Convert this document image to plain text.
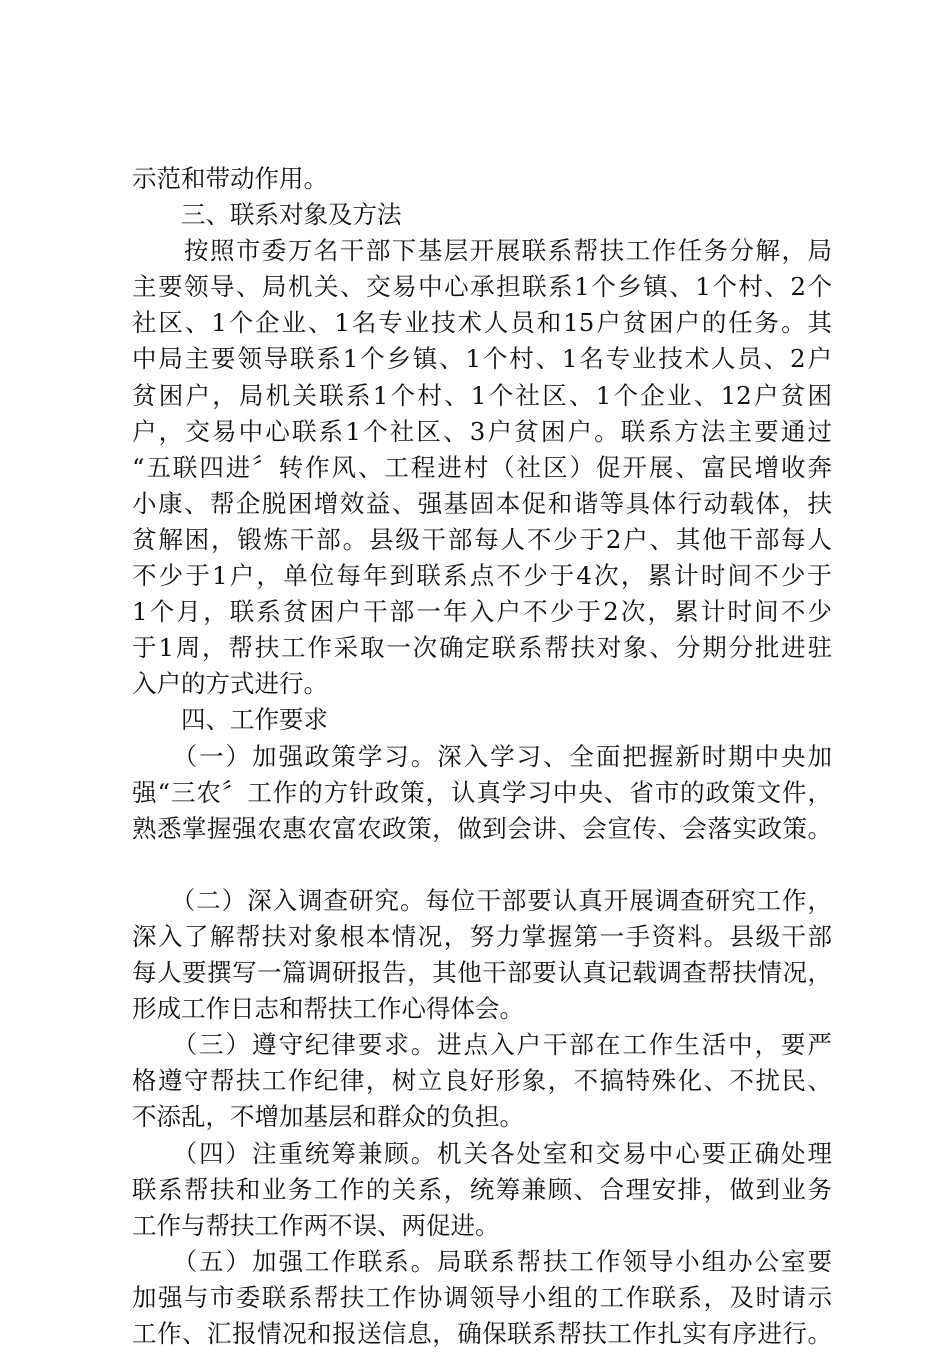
示范和带动作用。
　　三、联系对象及方法
　　按照市委万名干部下基层开展联系帮扶工作任务分解，局
主要领导、局机关、交易中心承担联系1个乡镇、1个村、2个
社区、1个企业、1名专业技术人员和15户贫困户的任务。其
中局主要领导联系1个乡镇、1个村、1名专业技术人员、2户
贫困户，局机关联系1个村、1个社区、1个企业、12户贫困
户，交易中心联系1个社区、3户贫困户。联系方法主要通过
“五联四进〞转作风、工程进村（社区）促开展、富民增收奔
小康、帮企脱困增效益、强基固本促和谐等具体行动载体，扶
贫解困，锻炼干部。县级干部每人不少于2户、其他干部每人
不少于1户，单位每年到联系点不少于4次，累计时间不少于
1个月，联系贫困户干部一年入户不少于2次，累计时间不少
于1周，帮扶工作采取一次确定联系帮扶对象、分期分批进驻
入户的方式进行。
　　四、工作要求
　　（一）加强政策学习。深入学习、全面把握新时期中央加
强“三农〞工作的方针政策，认真学习中央、省市的政策文件，
熟悉掌握强农惠农富农政策，做到会讲、会宣传、会落实政策。
　　（二）深入调查研究。每位干部要认真开展调查研究工作，
深入了解帮扶对象根本情况，努力掌握第一手资料。县级干部
每人要撰写一篇调研报告，其他干部要认真记载调查帮扶情况，
形成工作日志和帮扶工作心得体会。
　　（三）遵守纪律要求。进点入户干部在工作生活中，要严
格遵守帮扶工作纪律，树立良好形象，不搞特殊化、不扰民、
不添乱，不增加基层和群众的负担。
　　（四）注重统筹兼顾。机关各处室和交易中心要正确处理
联系帮扶和业务工作的关系，统筹兼顾、合理安排，做到业务
工作与帮扶工作两不误、两促进。
　　（五）加强工作联系。局联系帮扶工作领导小组办公室要
加强与市委联系帮扶工作协调领导小组的工作联系，及时请示
工作、汇报情况和报送信息，确保联系帮扶工作扎实有序进行。
